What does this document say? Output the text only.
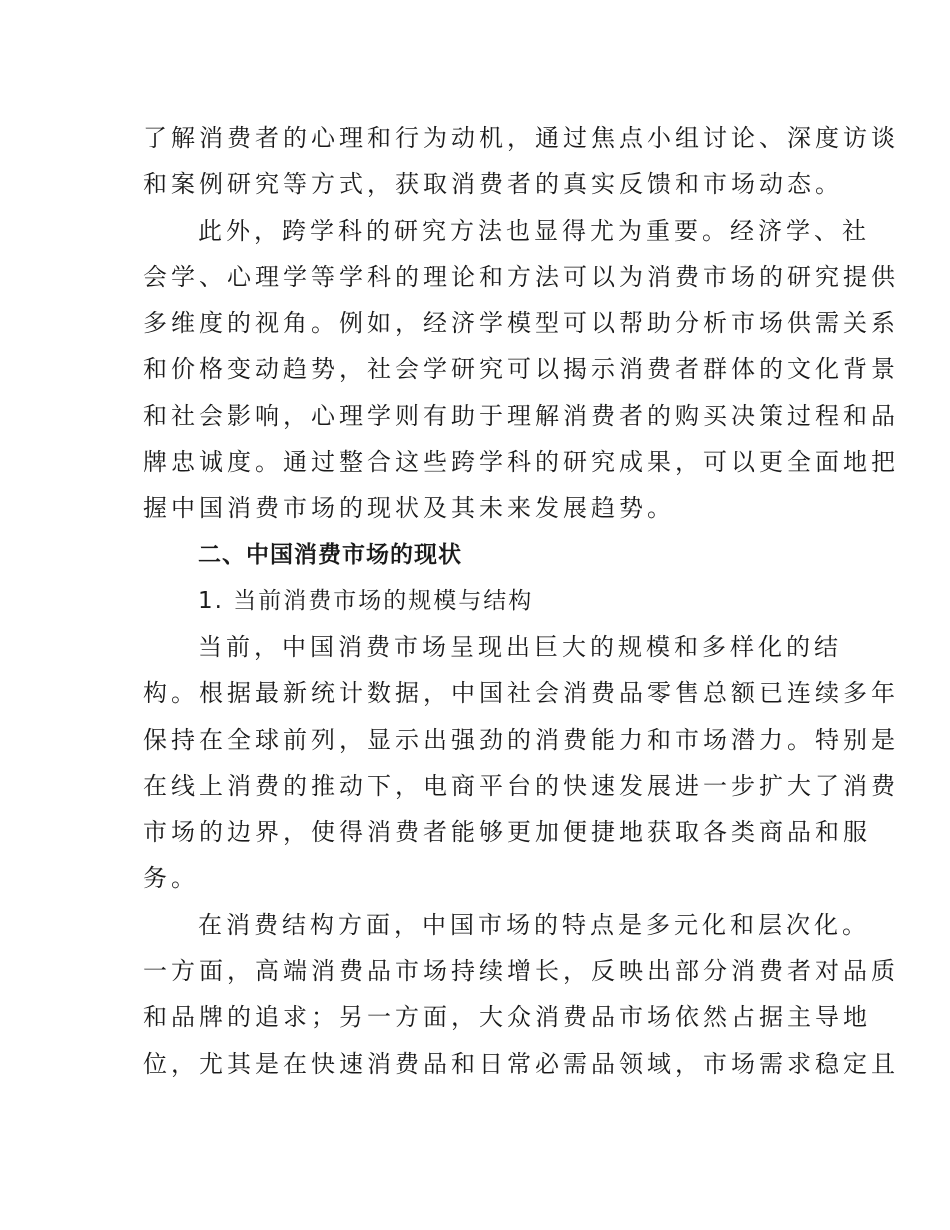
了解消费者的心理和行为动机，通过焦点小组讨论、深度访谈
和案例研究等方式，获取消费者的真实反馈和市场动态。
此外，跨学科的研究方法也显得尤为重要。经济学、社
会学、心理学等学科的理论和方法可以为消费市场的研究提供
多维度的视角。例如，经济学模型可以帮助分析市场供需关系
和价格变动趋势，社会学研究可以揭示消费者群体的文化背景
和社会影响，心理学则有助于理解消费者的购买决策过程和品
牌忠诚度。通过整合这些跨学科的研究成果，可以更全面地把
握中国消费市场的现状及其未来发展趋势。
二、中国消费市场的现状
1. 当前消费市场的规模与结构
当前，中国消费市场呈现出巨大的规模和多样化的结
构。根据最新统计数据，中国社会消费品零售总额已连续多年
保持在全球前列，显示出强劲的消费能力和市场潜力。特别是
在线上消费的推动下，电商平台的快速发展进一步扩大了消费
市场的边界，使得消费者能够更加便捷地获取各类商品和服
务。
在消费结构方面，中国市场的特点是多元化和层次化。
一方面，高端消费品市场持续增长，反映出部分消费者对品质
和品牌的追求；另一方面，大众消费品市场依然占据主导地
位，尤其是在快速消费品和日常必需品领域，市场需求稳定且
